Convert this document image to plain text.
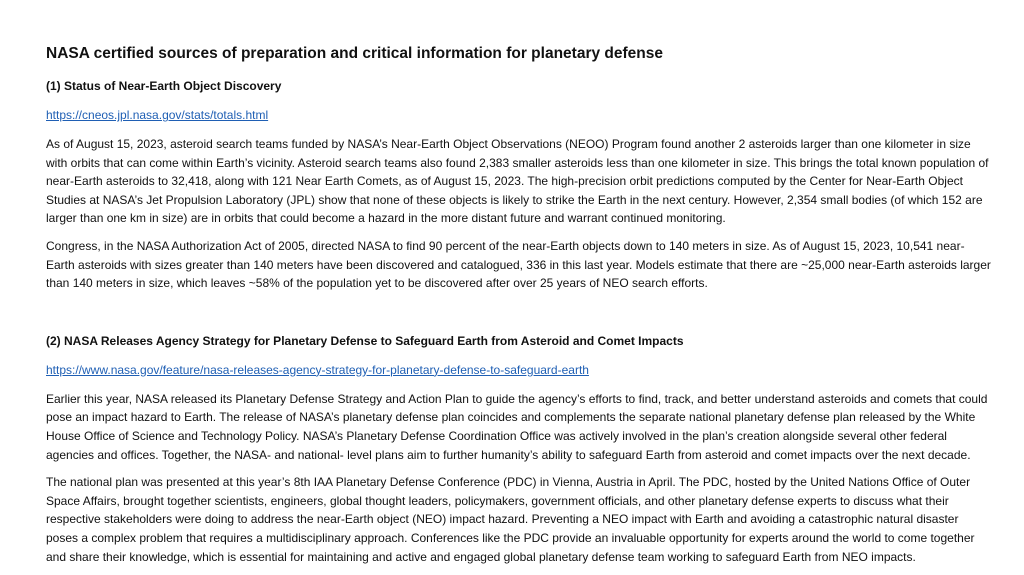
NASA certified sources of preparation and critical information for planetary defense
(1) Status of Near-Earth Object Discovery
https://cneos.jpl.nasa.gov/stats/totals.html

As of August 15, 2023, asteroid search teams funded by NASA’s Near-Earth Object Observations (NEOO) Program found another 2 asteroids larger than one kilometer in size with orbits that can come within Earth’s vicinity. Asteroid search teams also found 2,383 smaller asteroids less than one kilometer in size. This brings the total known population of near-Earth asteroids to 32,418, along with 121 Near Earth Comets, as of August 15, 2023. The high-precision orbit predictions computed by the Center for Near-Earth Object Studies at NASA’s Jet Propulsion Laboratory (JPL) show that none of these objects is likely to strike the Earth in the next century. However, 2,354 small bodies (of which 152 are larger than one km in size) are in orbits that could become a hazard in the more distant future and warrant continued monitoring.

Congress, in the NASA Authorization Act of 2005, directed NASA to find 90 percent of the near-Earth objects down to 140 meters in size. As of August 15, 2023, 10,541 near-Earth asteroids with sizes greater than 140 meters have been discovered and catalogued, 336 in this last year. Models estimate that there are ~25,000 near-Earth asteroids larger than 140 meters in size, which leaves ~58% of the population yet to be discovered after over 25 years of NEO search efforts.

(2) NASA Releases Agency Strategy for Planetary Defense to Safeguard Earth from Asteroid and Comet Impacts
https://www.nasa.gov/feature/nasa-releases-agency-strategy-for-planetary-defense-to-safeguard-earth

Earlier this year, NASA released its Planetary Defense Strategy and Action Plan to guide the agency’s efforts to find, track, and better understand asteroids and comets that could pose an impact hazard to Earth. The release of NASA’s planetary defense plan coincides and complements the separate national planetary defense plan released by the White House Office of Science and Technology Policy. NASA’s Planetary Defense Coordination Office was actively involved in the plan’s creation alongside several other federal agencies and offices. Together, the NASA- and national- level plans aim to further humanity’s ability to safeguard Earth from asteroid and comet impacts over the next decade.

The national plan was presented at this year’s 8th IAA Planetary Defense Conference (PDC) in Vienna, Austria in April. The PDC, hosted by the United Nations Office of Outer Space Affairs, brought together scientists, engineers, global thought leaders, policymakers, government officials, and other planetary defense experts to discuss what their respective stakeholders were doing to address the near-Earth object (NEO) impact hazard. Preventing a NEO impact with Earth and avoiding a catastrophic natural disaster poses a complex problem that requires a multidisciplinary approach. Conferences like the PDC provide an invaluable opportunity for experts around the world to come together and share their knowledge, which is essential for maintaining and active and engaged global planetary defense team working to safeguard Earth from NEO impacts.
